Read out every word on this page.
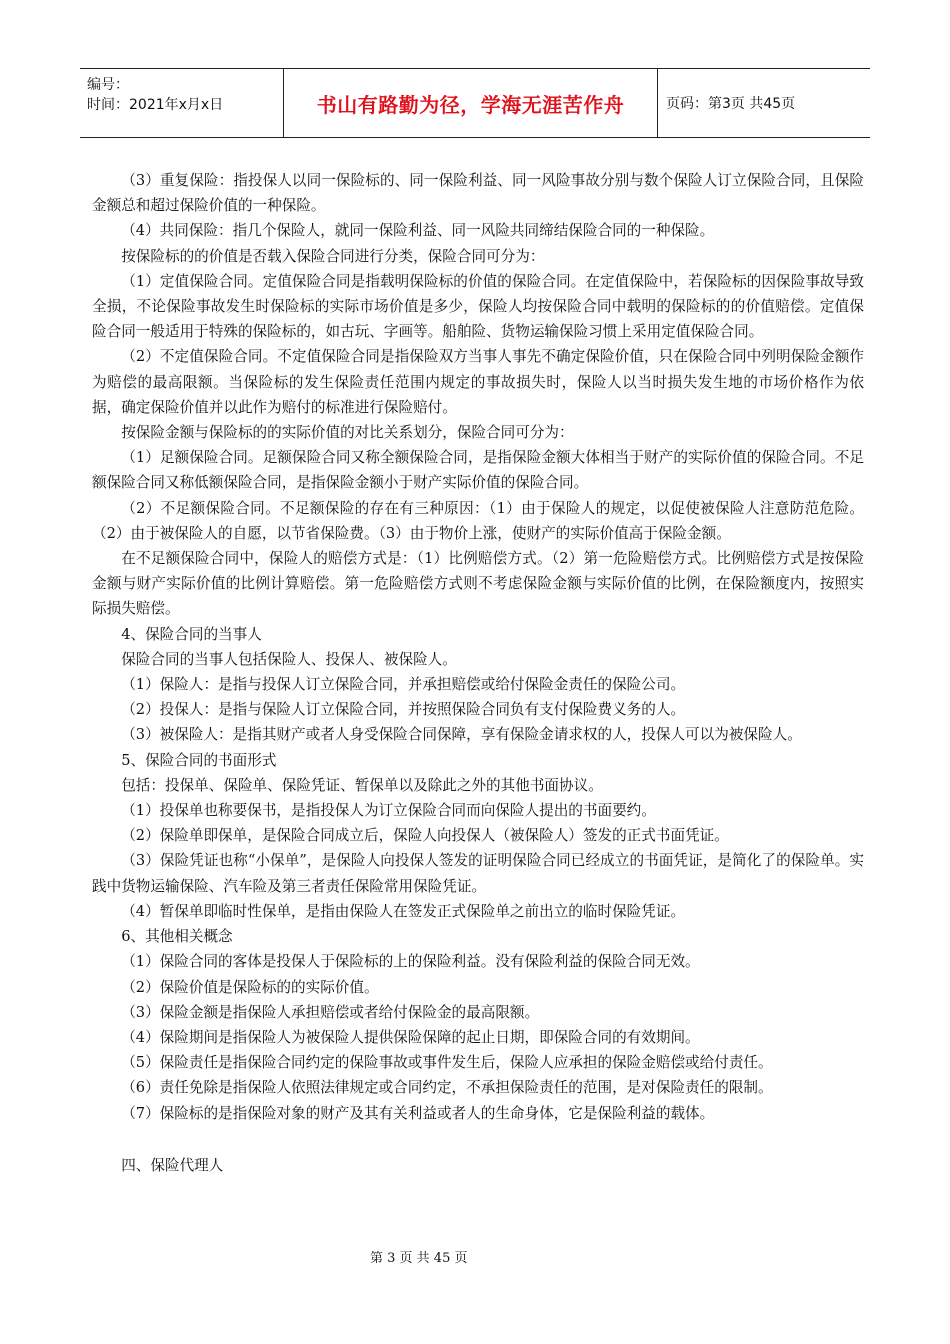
编号：
时间：2021年x月x日	书山有路勤为径，学海无涯苦作舟	页码：第3页 共45页

（3）重复保险：指投保人以同一保险标的、同一保险利益、同一风险事故分别与数个保险人订立保险合同，且保险金额总和超过保险价值的一种保险。

（4）共同保险：指几个保险人，就同一保险利益、同一风险共同缔结保险合同的一种保险。

按保险标的的价值是否载入保险合同进行分类，保险合同可分为：

（1）定值保险合同。定值保险合同是指载明保险标的价值的保险合同。在定值保险中，若保险标的因保险事故导致全损，不论保险事故发生时保险标的实际市场价值是多少，保险人均按保险合同中载明的保险标的的价值赔偿。定值保险合同一般适用于特殊的保险标的，如古玩、字画等。船舶险、货物运输保险习惯上采用定值保险合同。

（2）不定值保险合同。不定值保险合同是指保险双方当事人事先不确定保险价值，只在保险合同中列明保险金额作为赔偿的最高限额。当保险标的发生保险责任范围内规定的事故损失时，保险人以当时损失发生地的市场价格作为依据，确定保险价值并以此作为赔付的标准进行保险赔付。

按保险金额与保险标的的实际价值的对比关系划分，保险合同可分为：

（1）足额保险合同。足额保险合同又称全额保险合同，是指保险金额大体相当于财产的实际价值的保险合同。不足额保险合同又称低额保险合同，是指保险金额小于财产实际价值的保险合同。

（2）不足额保险合同。不足额保险的存在有三种原因：（1）由于保险人的规定，以促使被保险人注意防范危险。（2）由于被保险人的自愿，以节省保险费。（3）由于物价上涨，使财产的实际价值高于保险金额。

在不足额保险合同中，保险人的赔偿方式是：（1）比例赔偿方式。（2）第一危险赔偿方式。比例赔偿方式是按保险金额与财产实际价值的比例计算赔偿。第一危险赔偿方式则不考虑保险金额与实际价值的比例，在保险额度内，按照实际损失赔偿。

4、保险合同的当事人

保险合同的当事人包括保险人、投保人、被保险人。

（1）保险人：是指与投保人订立保险合同，并承担赔偿或给付保险金责任的保险公司。

（2）投保人：是指与保险人订立保险合同，并按照保险合同负有支付保险费义务的人。

（3）被保险人：是指其财产或者人身受保险合同保障，享有保险金请求权的人，投保人可以为被保险人。

5、保险合同的书面形式

包括：投保单、保险单、保险凭证、暂保单以及除此之外的其他书面协议。

（1）投保单也称要保书，是指投保人为订立保险合同而向保险人提出的书面要约。

（2）保险单即保单，是保险合同成立后，保险人向投保人（被保险人）签发的正式书面凭证。

（3）保险凭证也称“小保单”，是保险人向投保人签发的证明保险合同已经成立的书面凭证，是简化了的保险单。实践中货物运输保险、汽车险及第三者责任保险常用保险凭证。

（4）暂保单即临时性保单，是指由保险人在签发正式保险单之前出立的临时保险凭证。

6、其他相关概念

（1）保险合同的客体是投保人于保险标的上的保险利益。没有保险利益的保险合同无效。

（2）保险价值是保险标的的实际价值。

（3）保险金额是指保险人承担赔偿或者给付保险金的最高限额。

（4）保险期间是指保险人为被保险人提供保险保障的起止日期，即保险合同的有效期间。

（5）保险责任是指保险合同约定的保险事故或事件发生后，保险人应承担的保险金赔偿或给付责任。

（6）责任免除是指保险人依照法律规定或合同约定，不承担保险责任的范围，是对保险责任的限制。

（7）保险标的是指保险对象的财产及其有关利益或者人的生命身体，它是保险利益的载体。

四、保险代理人

第 3 页 共 45 页
